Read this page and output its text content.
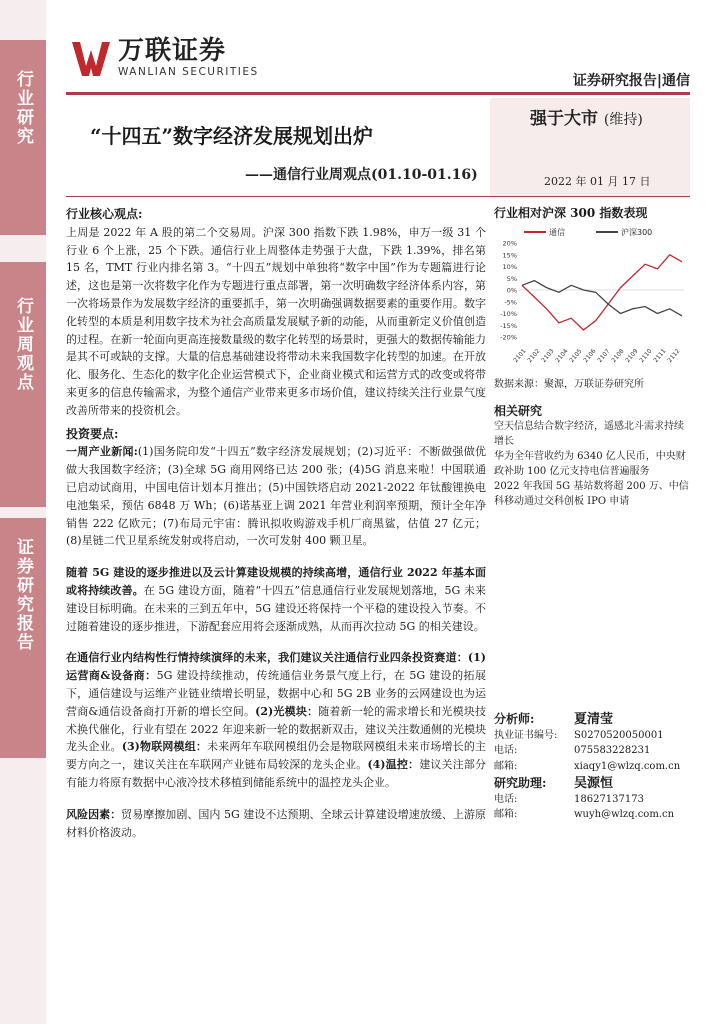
行业研究
行业周观点
证券研究报告
万联证券
WANLIAN SECURITIES
证券研究报告|通信
“十四五”数字经济发展规划出炉
——通信行业周观点(01.10-01.16)
强于大市 (维持)
2022 年 01 月 17 日
行业核心观点:

上周是 2022 年 A 股的第二个交易周。沪深 300 指数下跌 1.98%，申万一级 31 个行业 6 个上涨，25 个下跌。通信行业上周整体走势强于大盘，下跌 1.39%，排名第 15 名，TMT 行业内排名第 3。“十四五”规划中单独将“数字中国”作为专题篇进行论述，这也是第一次将数字化作为专题进行重点部署，第一次明确数字经济体系内容，第一次将场景作为发展数字经济的重要抓手，第一次明确强调数据要素的重要作用。数字化转型的本质是利用数字技术为社会高质量发展赋予新的动能，从而重新定义价值创造的过程。在新一轮面向更高连接数量级的数字化转型的场景时，更强大的数据传输能力是其不可或缺的支撑。大量的信息基础建设将带动未来我国数字化转型的加速。在开放化、服务化、生态化的数字化企业运营模式下，企业商业模式和运营方式的改变或将带来更多的信息传输需求，为整个通信产业带来更多市场价值，建议持续关注行业景气度改善所带来的投资机会。

投资要点:

一周产业新闻:(1)国务院印发“十四五”数字经济发展规划；(2)习近平：不断做强做优做大我国数字经济；(3)全球 5G 商用网络已达 200 张；(4)5G 消息来啦！中国联通已启动试商用，中国电信计划本月推出；(5)中国铁塔启动 2021-2022 年钛酸锂换电电池集采，预估 6848 万 Wh；(6)诺基亚上调 2021 年营业利润率预期，预计全年净销售 222 亿欧元；(7)布局元宇宙：腾讯拟收购游戏手机厂商黑鲨，估值 27 亿元；(8)星链二代卫星系统发射或将启动，一次可发射 400 颗卫星。

随着 5G 建设的逐步推进以及云计算建设规模的持续高增，通信行业 2022 年基本面或将持续改善。在 5G 建设方面，随着“十四五”信息通信行业发展规划落地，5G 未来建设目标明确。在未来的三到五年中，5G 建设还将保持一个平稳的建设投入节奏。不过随着建设的逐步推进，下游配套应用将会逐渐成熟，从而再次拉动 5G 的相关建设。

在通信行业内结构性行情持续演绎的未来，我们建议关注通信行业四条投资赛道：(1)运营商&设备商：5G 建设持续推动，传统通信业务景气度上行，在 5G 建设的拓展下，通信建设与运维产业链业绩增长明显，数据中心和 5G 2B 业务的云网建设也为运营商&通信设备商打开新的增长空间。(2)光模块：随着新一轮的需求增长和光模块技术换代催化，行业有望在 2022 年迎来新一轮的数据新双击，建议关注数通侧的光模块龙头企业。(3)物联网模组：未来两年车联网模组仍会是物联网模组未来市场增长的主要方向之一，建议关注在车联网产业链布局较深的龙头企业。(4)温控：建议关注部分有能力将原有数据中心液冷技术移植到储能系统中的温控龙头企业。

风险因素：贸易摩擦加剧、国内 5G 建设不达预期、全球云计算建设增速放缓、上游原材料价格波动。

行业相对沪深 300 指数表现
通信	沪深300
20%
15%
10%
5%
0%
-5%
-10%
-15%
-20%
2101
2102
2103
2104
2105
2106
2107
2108
2109
2110
2111
2112
数据来源：聚源，万联证券研究所
相关研究
空天信息结合数字经济，遥感北斗需求持续增长
华为全年营收约为 6340 亿人民币，中央财政补助 100 亿元支持电信普遍服务
2022 年我国 5G 基站数将超 200 万、中信科移动通过交科创板 IPO 申请
分析师:	夏清莹
执业证书编号:	S0270520050001
电话:	075583228231
邮箱:	xiaqy1@wlzq.com.cn
研究助理:	吴源恒
电话:	18627137173
邮箱:	wuyh@wlzq.com.cn
